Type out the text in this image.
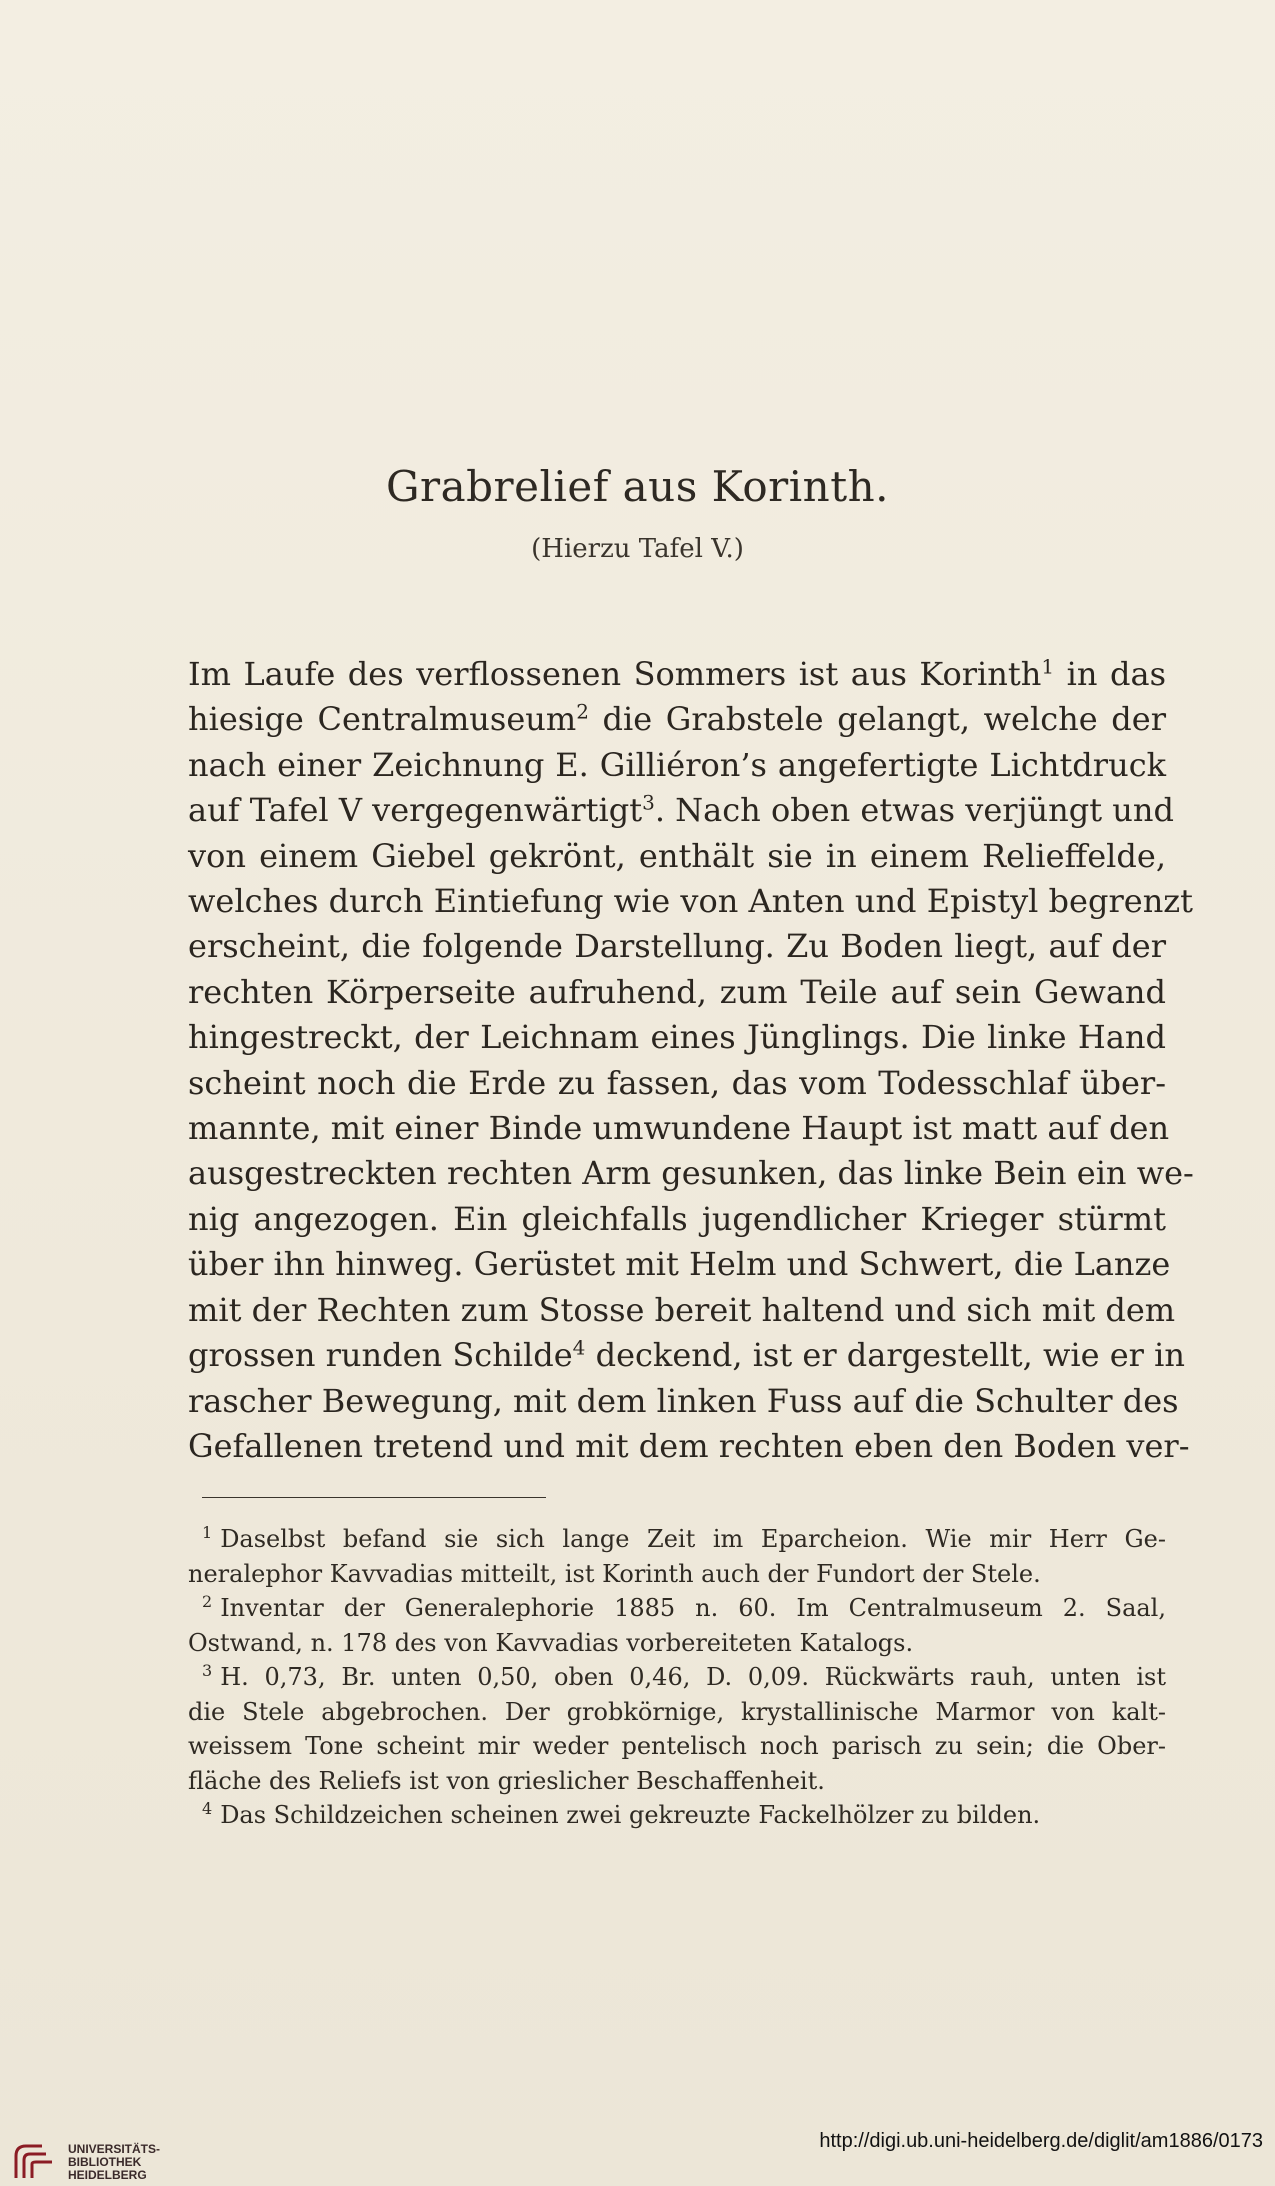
Grabrelief aus Korinth.
(Hierzu Tafel V.)
Im Laufe des verflossenen Sommers ist aus Korinth$^1$ in das
hiesige Centralmuseum$^2$ die Grabstele gelangt, welche der
nach einer Zeichnung E. Gilliéron’s angefertigte Lichtdruck
auf Tafel V vergegenwärtigt$^3$. Nach oben etwas verjüngt und
von einem Giebel gekrönt, enthält sie in einem Relieffelde,
welches durch Eintiefung wie von Anten und Epistyl begrenzt
erscheint, die folgende Darstellung. Zu Boden liegt, auf der
rechten Körperseite aufruhend, zum Teile auf sein Gewand
hingestreckt, der Leichnam eines Jünglings. Die linke Hand
scheint noch die Erde zu fassen, das vom Todesschlaf über-
mannte, mit einer Binde umwundene Haupt ist matt auf den
ausgestreckten rechten Arm gesunken, das linke Bein ein we-
nig angezogen. Ein gleichfalls jugendlicher Krieger stürmt
über ihn hinweg. Gerüstet mit Helm und Schwert, die Lanze
mit der Rechten zum Stosse bereit haltend und sich mit dem
grossen runden Schilde$^4$ deckend, ist er dargestellt, wie er in
rascher Bewegung, mit dem linken Fuss auf die Schulter des
Gefallenen tretend und mit dem rechten eben den Boden ver-
$^1$ Daselbst befand sie sich lange Zeit im Eparcheion. Wie mir Herr Ge-
neralephor Kavvadias mitteilt, ist Korinth auch der Fundort der Stele.
$^2$ Inventar der Generalephorie 1885 n. 60. Im Centralmuseum 2. Saal,
Ostwand, n. 178 des von Kavvadias vorbereiteten Katalogs.
$^3$ H. 0,73, Br. unten 0,50, oben 0,46, D. 0,09. Rückwärts rauh, unten ist
die Stele abgebrochen. Der grobkörnige, krystallinische Marmor von kalt-
weissem Tone scheint mir weder pentelisch noch parisch zu sein; die Ober-
fläche des Reliefs ist von grieslicher Beschaffenheit.
$^4$ Das Schildzeichen scheinen zwei gekreuzte Fackelhölzer zu bilden.
UNIVERSITÄTS-
BIBLIOTHEK
HEIDELBERG
http://digi.ub.uni-heidelberg.de/diglit/am1886/0173
